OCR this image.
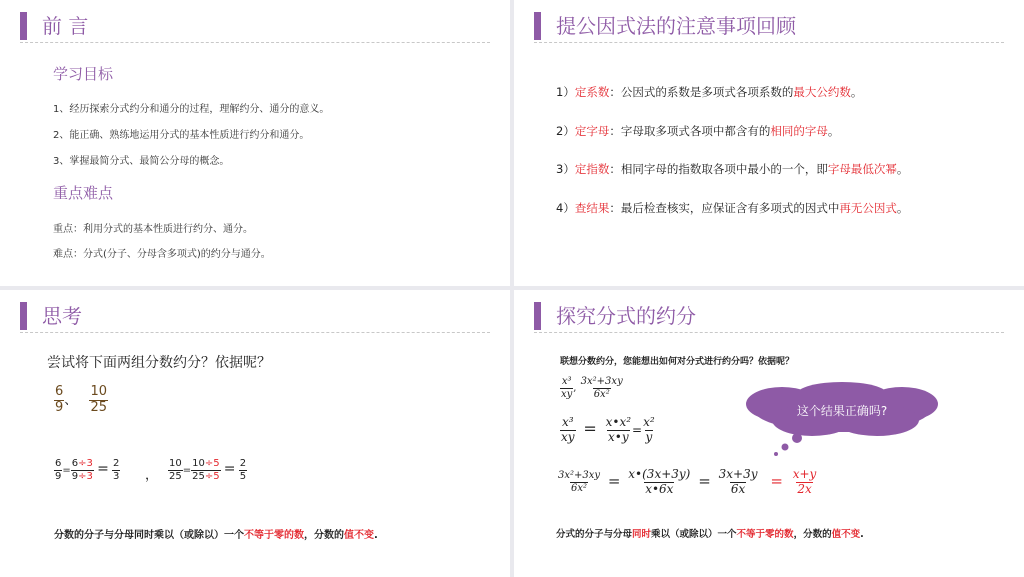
前 言
学习目标
1、经历探索分式约分和通分的过程，理解约分、通分的意义。
2、能正确、熟练地运用分式的基本性质进行约分和通分。
3、掌握最简分式、最简公分母的概念。
重点难点
重点：利用分式的基本性质进行约分、通分。
难点：分式(分子、分母含多项式)的约分与通分。
提公因式法的注意事项回顾
1）定系数：公因式的系数是多项式各项系数的最大公约数。
2）定字母：字母取多项式各项中都含有的相同的字母。
3）定指数：相同字母的指数取各项中最小的一个，即字母最低次幂。
4）查结果：最后检查核实，应保证含有多项式的因式中再无公因式。
思考
尝试将下面两组分数约分？依据呢？
$\frac{6}{9}$ 、 $\frac{10}{25}$
$\frac{6}{9} = \frac{6\div 3}{9\div 3} = \frac{2}{3}$ ， $\frac{10}{25} = \frac{10\div 5}{25\div 5} = \frac{2}{5}$
分数的分子与分母同时乘以（或除以）一个不等于零的数，分数的值不变.
探究分式的约分
联想分数约分，您能想出如何对分式进行约分吗？依据呢？
$\frac{\text{x³}}{xy}$ , $\frac{\text{3x²+3xy}}{\text{6x²}}$
$\frac{\text{x³}}{xy} = \frac{\text{x•x²}}{x•y} = \frac{\text{x²}}{y}$
这个结果正确吗?
$\frac{\text{3x²+3xy}}{\text{6x²}} = \frac{x•(3x+3y)}{x•6x} = \frac{3x+3y}{6x} = \frac{x+y}{2x}$
分式的分子与分母同时乘以（或除以）一个不等于零的数，分数的值不变.
